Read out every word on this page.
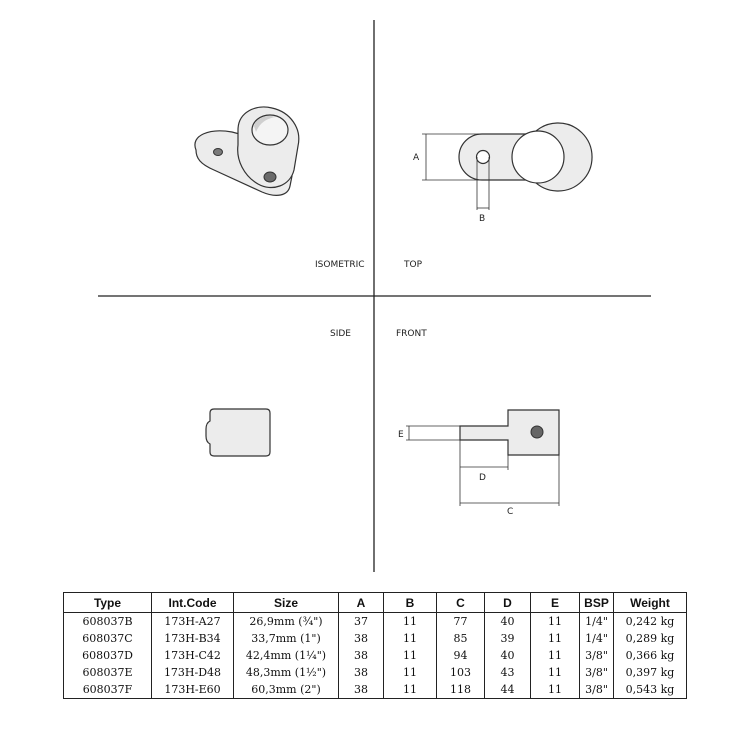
ISOMETRIC
A
B
TOP
SIDE	FRONT
E
D
C
Type	Int.Code	Size	A	B	C	D	E	BSP	Weight
608037B	173H-A27	26,9mm (¾")	37	11	77	40	11	1/4"	0,242 kg
608037C	173H-B34	33,7mm (1")	38	11	85	39	11	1/4"	0,289 kg
608037D	173H-C42	42,4mm (1¼")	38	11	94	40	11	3/8"	0,366 kg
608037E	173H-D48	48,3mm (1½")	38	11	103	43	11	3/8"	0,397 kg
608037F	173H-E60	60,3mm (2")	38	11	118	44	11	3/8"	0,543 kg
